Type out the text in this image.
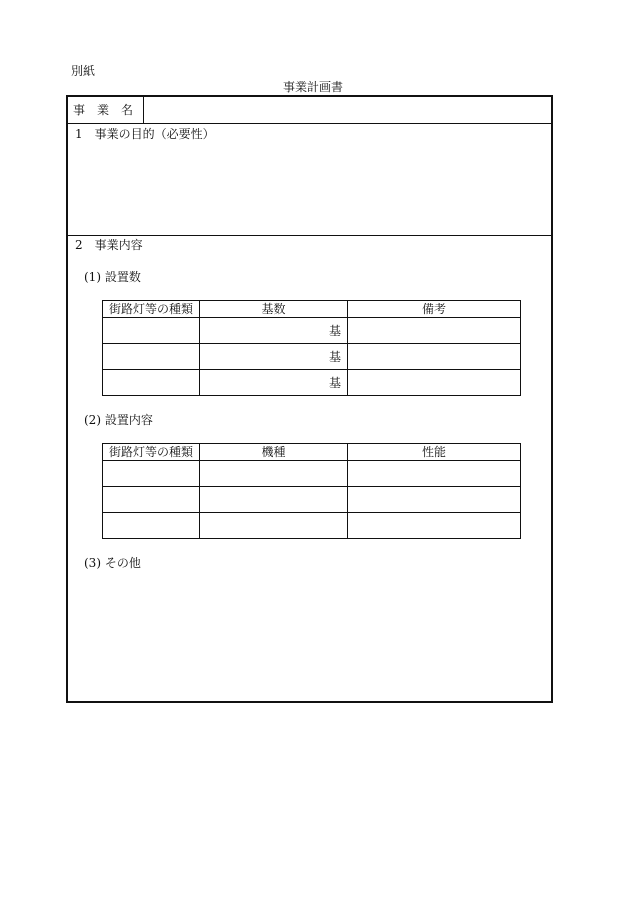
別紙
事業計画書
事　業　名
1　事業の目的（必要性）
2　事業内容
(1) 設置数
街路灯等の種類	基数	備考
	基	
	基	
	基	
(2) 設置内容
街路灯等の種類	機種	性能

(3) その他
